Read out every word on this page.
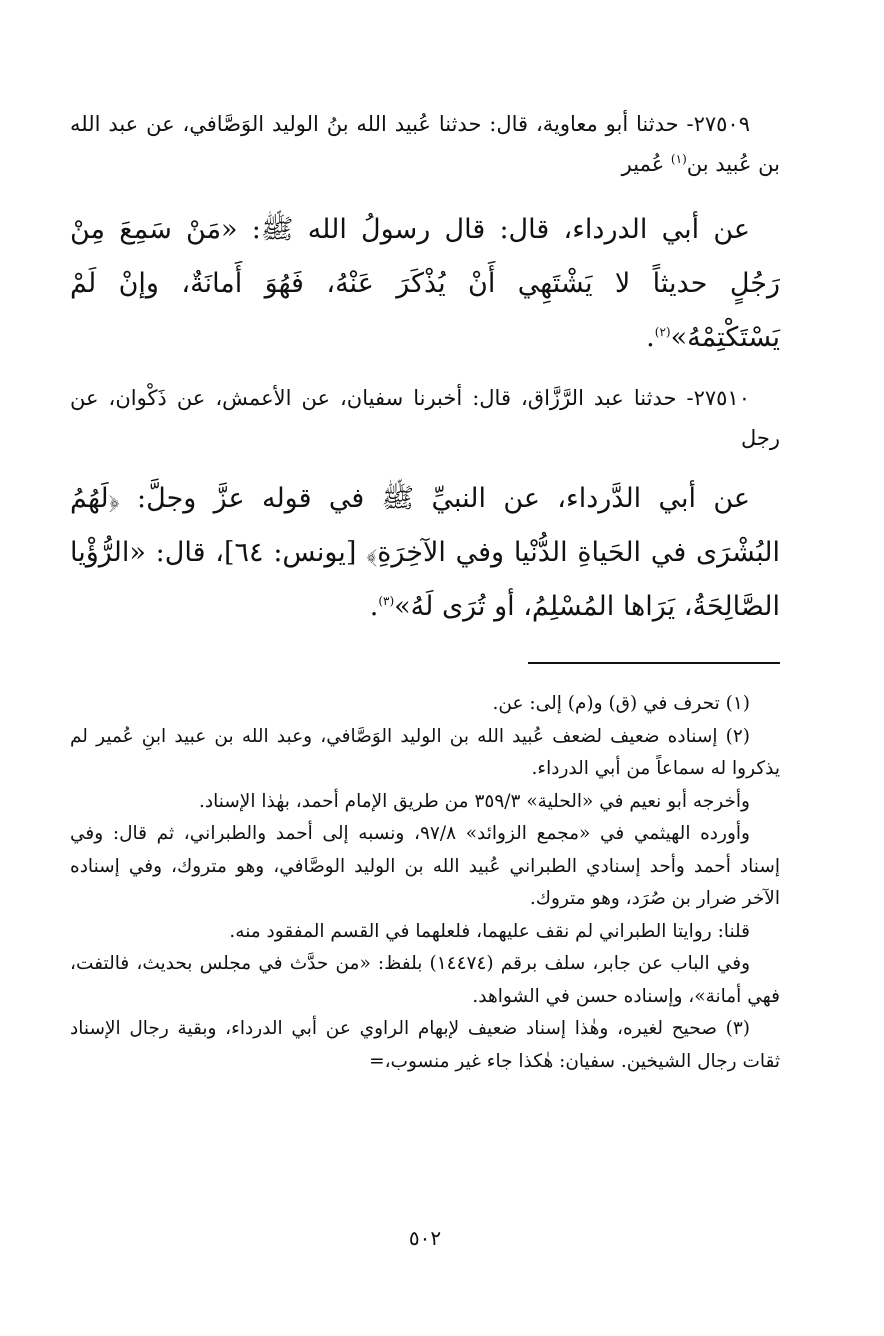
٢٧٥٠٩- حدثنا أبو معاوية، قال: حدثنا عُبيد الله بنُ الوليد الوَصَّافي، عن عبد الله بن عُبيد بن$^{(١)}$ عُمير

عن أبي الدرداء، قال: قال رسولُ الله ﷺ: «مَنْ سَمِعَ مِنْ رَجُلٍ حديثاً لا يَشْتَهِي أَنْ يُذْكَرَ عَنْهُ، فَهُوَ أَمانَةٌ، وإنْ لَمْ يَسْتَكْتِمْهُ»$^{(٢)}$.

٢٧٥١٠- حدثنا عبد الرَّزَّاق، قال: أخبرنا سفيان، عن الأعمش، عن ذَكْوان، عن رجل

عن أبي الدَّرداء، عن النبيِّ ﷺ في قوله عزَّ وجلَّ: ﴿لَهُمُ البُشْرَى في الحَياةِ الدُّنْيا وفي الآخِرَةِ﴾ [يونس: ٦٤]، قال: «الرُّؤْيا الصَّالِحَةُ، يَرَاها المُسْلِمُ، أو تُرَى لَهُ»$^{(٣)}$.

(١) تحرف في (ق) و(م) إلى: عن.

(٢) إسناده ضعيف لضعف عُبيد الله بن الوليد الوَصَّافي، وعبد الله بن عبيد ابنِ عُمير لم يذكروا له سماعاً من أبي الدرداء.

وأخرجه أبو نعيم في «الحلية» ٣٥٩/٣ من طريق الإمام أحمد، بهٰذا الإسناد.

وأورده الهيثمي في «مجمع الزوائد» ٩٧/٨، ونسبه إلى أحمد والطبراني، ثم قال: وفي إسناد أحمد وأحد إسنادي الطبراني عُبيد الله بن الوليد الوصَّافي، وهو متروك، وفي إسناده الآخر ضرار بن صُرَد، وهو متروك.

قلنا: روايتا الطبراني لم نقف عليهما، فلعلهما في القسم المفقود منه.

وفي الباب عن جابر، سلف برقم (١٤٤٧٤) بلفظ: «من حدَّث في مجلس بحديث، فالتفت، فهي أمانة»، وإسناده حسن في الشواهد.

(٣) صحيح لغيره، وهٰذا إسناد ضعيف لإبهام الراوي عن أبي الدرداء، وبقية رجال الإسناد ثقات رجال الشيخين. سفيان: هٰكذا جاء غير منسوب،=

٥٠٢
